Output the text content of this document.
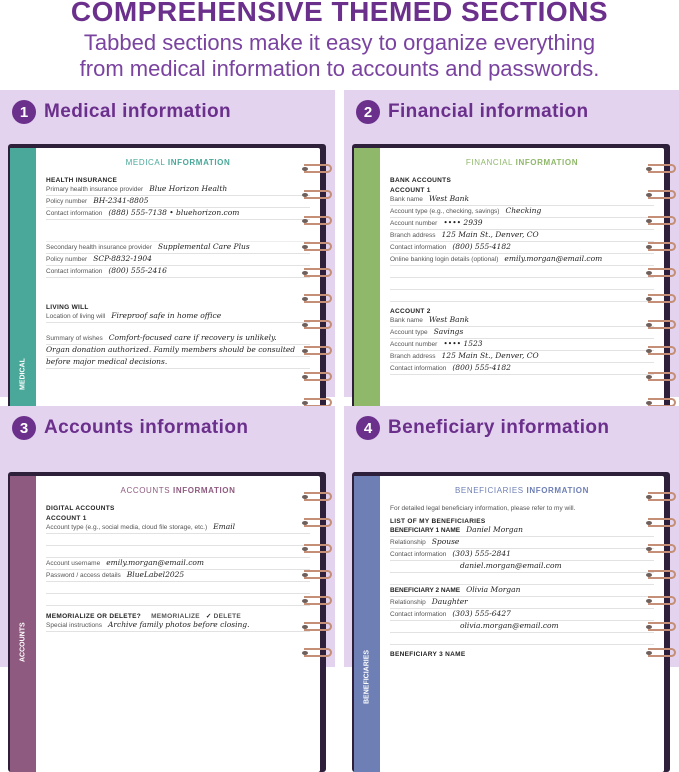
COMPREHENSIVE THEMED SECTIONS
Tabbed sections make it easy to organize everything
from medical information to accounts and passwords.
1 Medical information
MEDICAL
MEDICAL INFORMATION
HEALTH INSURANCE
Primary health insurance provider Blue Horizon Health
Policy number BH-2341-8805
Contact information (888) 555-7138 • bluehorizon.com
Secondary health insurance provider Supplemental Care Plus
Policy number SCP-8832-1904
Contact information (800) 555-2416
LIVING WILL
Location of living will Fireproof safe in home office
Summary of wishes Comfort-focused care if recovery is unlikely.
Organ donation authorized. Family members should be consulted
before major medical decisions.
2 Financial information
FINANCIAL INFORMATION
BANK ACCOUNTS
ACCOUNT 1
Bank name West Bank
Account type (e.g., checking, savings) Checking
Account number •••• 2939
Branch address 125 Main St., Denver, CO
Contact information (800) 555-4182
Online banking login details (optional) emily.morgan@email.com
ACCOUNT 2
Bank name West Bank
Account type Savings
Account number •••• 1523
Branch address 125 Main St., Denver, CO
Contact information (800) 555-4182
3 Accounts information
ACCOUNTS
ACCOUNTS INFORMATION
DIGITAL ACCOUNTS
ACCOUNT 1
Account type (e.g., social media, cloud file storage, etc.) Email
Account username emily.morgan@email.com
Password / access details BlueLabel2025
MEMORIALIZE OR DELETE? MEMORIALIZE ✓ DELETE
Special instructions Archive family photos before closing.
4 Beneficiary information
BENEFICIARIES
BENEFICIARIES INFORMATION
For detailed legal beneficiary information, please refer to my will.
LIST OF MY BENEFICIARIES
BENEFICIARY 1 NAME Daniel Morgan
Relationship Spouse
Contact information (303) 555-2841
daniel.morgan@email.com
BENEFICIARY 2 NAME Olivia Morgan
Relationship Daughter
Contact information (303) 555-6427
olivia.morgan@email.com
BENEFICIARY 3 NAME
